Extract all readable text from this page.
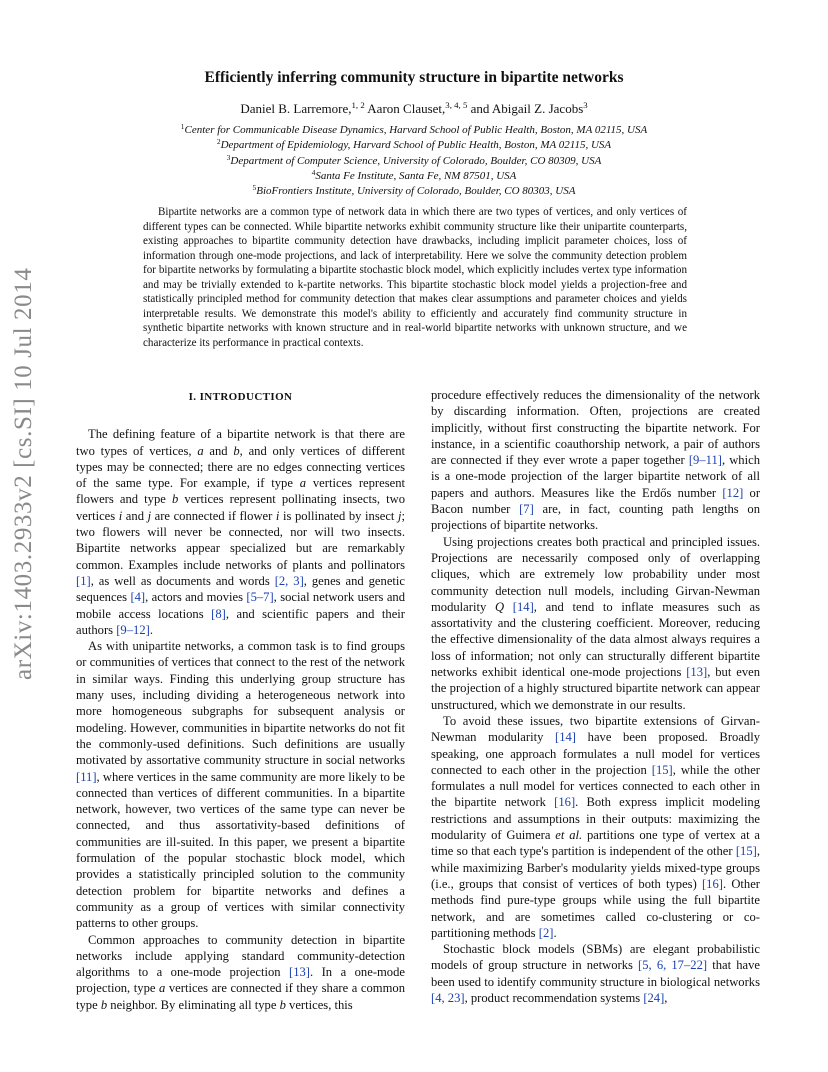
arXiv:1403.2933v2 [cs.SI] 10 Jul 2014
Efficiently inferring community structure in bipartite networks
Daniel B. Larremore,$^{1, 2}$ Aaron Clauset,$^{3, 4, 5}$ and Abigail Z. Jacobs$^3$
$^1$Center for Communicable Disease Dynamics, Harvard School of Public Health, Boston, MA 02115, USA
$^2$Department of Epidemiology, Harvard School of Public Health, Boston, MA 02115, USA
$^3$Department of Computer Science, University of Colorado, Boulder, CO 80309, USA
$^4$Santa Fe Institute, Santa Fe, NM 87501, USA
$^5$BioFrontiers Institute, University of Colorado, Boulder, CO 80303, USA
Bipartite networks are a common type of network data in which there are two types of vertices, and only vertices of different types can be connected. While bipartite networks exhibit community structure like their unipartite counterparts, existing approaches to bipartite community detection have drawbacks, including implicit parameter choices, loss of information through one-mode projections, and lack of interpretability. Here we solve the community detection problem for bipartite networks by formulating a bipartite stochastic block model, which explicitly includes vertex type information and may be trivially extended to k-partite networks. This bipartite stochastic block model yields a projection-free and statistically principled method for community detection that makes clear assumptions and parameter choices and yields interpretable results. We demonstrate this model's ability to efficiently and accurately find community structure in synthetic bipartite networks with known structure and in real-world bipartite networks with unknown structure, and we characterize its performance in practical contexts.
I. INTRODUCTION

The defining feature of a bipartite network is that there are two types of vertices, a and b, and only vertices of different types may be connected; there are no edges connecting vertices of the same type. For example, if type a vertices represent flowers and type b vertices represent pollinating insects, two vertices i and j are connected if flower i is pollinated by insect j; two flowers will never be connected, nor will two insects. Bipartite networks appear specialized but are remarkably common. Examples include networks of plants and pollinators [1], as well as documents and words [2, 3], genes and genetic sequences [4], actors and movies [5–7], social network users and mobile access locations [8], and scientific papers and their authors [9–12].

As with unipartite networks, a common task is to find groups or communities of vertices that connect to the rest of the network in similar ways. Finding this underlying group structure has many uses, including dividing a heterogeneous network into more homogeneous subgraphs for subsequent analysis or modeling. However, communities in bipartite networks do not fit the commonly-used definitions. Such definitions are usually motivated by assortative community structure in social networks [11], where vertices in the same community are more likely to be connected than vertices of different communities. In a bipartite network, however, two vertices of the same type can never be connected, and thus assortativity-based definitions of communities are ill-suited. In this paper, we present a bipartite formulation of the popular stochastic block model, which provides a statistically principled solution to the community detection problem for bipartite networks and defines a community as a group of vertices with similar connectivity patterns to other groups.

Common approaches to community detection in bipartite networks include applying standard community-detection algorithms to a one-mode projection [13]. In a one-mode projection, type a vertices are connected if they share a common type b neighbor. By eliminating all type b vertices, this

procedure effectively reduces the dimensionality of the network by discarding information. Often, projections are created implicitly, without first constructing the bipartite network. For instance, in a scientific coauthorship network, a pair of authors are connected if they ever wrote a paper together [9–11], which is a one-mode projection of the larger bipartite network of all papers and authors. Measures like the Erdős number [12] or Bacon number [7] are, in fact, counting path lengths on projections of bipartite networks.

Using projections creates both practical and principled issues. Projections are necessarily composed only of overlapping cliques, which are extremely low probability under most community detection null models, including Girvan-Newman modularity Q [14], and tend to inflate measures such as assortativity and the clustering coefficient. Moreover, reducing the effective dimensionality of the data almost always requires a loss of information; not only can structurally different bipartite networks exhibit identical one-mode projections [13], but even the projection of a highly structured bipartite network can appear unstructured, which we demonstrate in our results.

To avoid these issues, two bipartite extensions of Girvan-Newman modularity [14] have been proposed. Broadly speaking, one approach formulates a null model for vertices connected to each other in the projection [15], while the other formulates a null model for vertices connected to each other in the bipartite network [16]. Both express implicit modeling restrictions and assumptions in their outputs: maximizing the modularity of Guimera et al. partitions one type of vertex at a time so that each type's partition is independent of the other [15], while maximizing Barber's modularity yields mixed-type groups (i.e., groups that consist of vertices of both types) [16]. Other methods find pure-type groups while using the full bipartite network, and are sometimes called co-clustering or co-partitioning methods [2].

Stochastic block models (SBMs) are elegant probabilistic models of group structure in networks [5, 6, 17–22] that have been used to identify community structure in biological networks [4, 23], product recommendation systems [24],
